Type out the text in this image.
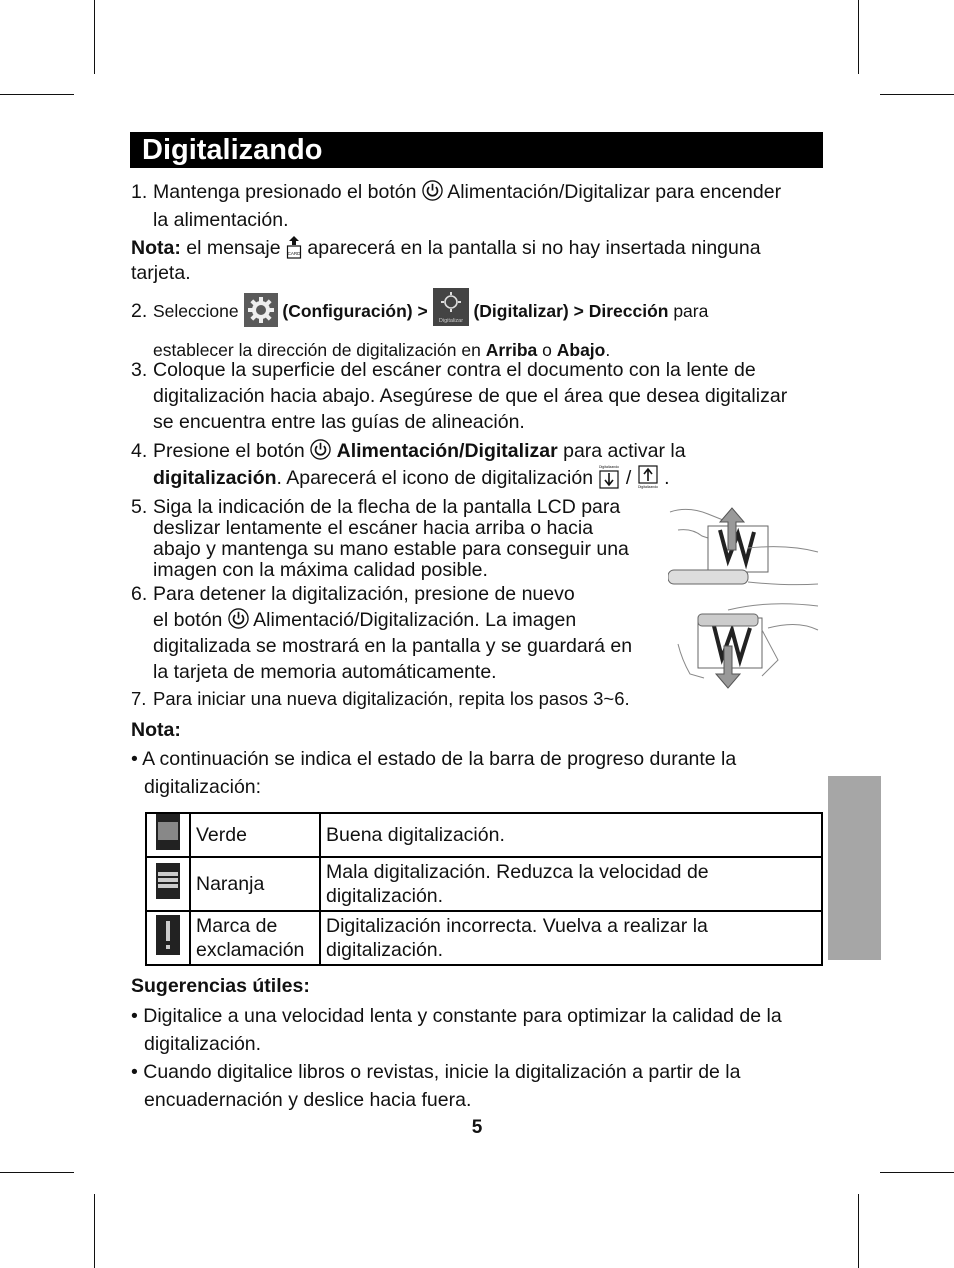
Digitalizando
1. Mantenga presionado el botón Alimentación/Digitalizar para encender
la alimentación.
Nota: el mensaje CARD aparecerá en la pantalla si no hay insertada ninguna
tarjeta.
2. Seleccione	(Configuración) >
Digitalizar
(Digitalizar) > Dirección para
establecer la dirección de digitalización en Arriba o Abajo.
3. Coloque la superficie del escáner contra el documento con la lente de
digitalización hacia abajo. Asegúrese de que el área que desea digitalizar
se encuentra entre las guías de alineación.
4. Presione el botón Alimentación/Digitalizar para activar la
digitalización. Aparecerá el icono de digitalización
Digitalizando
/ Digitalizando .
5. Siga la indicación de la flecha de la pantalla LCD para
deslizar lentamente el escáner hacia arriba o hacia
abajo y mantenga su mano estable para conseguir una
imagen con la máxima calidad posible.
6. Para detener la digitalización, presione de nuevo
el botón Alimentació/Digitalización. La imagen
digitalizada se mostrará en la pantalla y se guardará en
la tarjeta de memoria automáticamente.
7. Para iniciar una nueva digitalización, repita los pasos 3~6.
Nota:
• A continuación se indica el estado de la barra de progreso durante la
digitalización:
	Verde	Buena digitalización.
	Naranja	Mala digitalización. Reduzca la velocidad de digitalización.
	Marca de exclamación	Digitalización incorrecta. Vuelva a realizar la digitalización.
Sugerencias útiles:
• Digitalice a una velocidad lenta y constante para optimizar la calidad de la
digitalización.
• Cuando digitalice libros o revistas, inicie la digitalización a partir de la
encuadernación y deslice hacia fuera.
5
